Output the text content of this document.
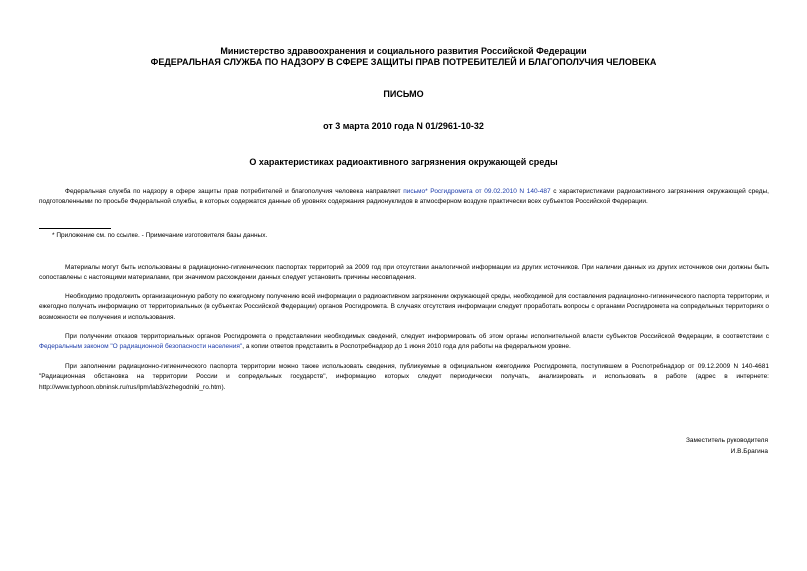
Министерство здравоохранения и социального развития Российской Федерации
ФЕДЕРАЛЬНАЯ СЛУЖБА ПО НАДЗОРУ В СФЕРЕ ЗАЩИТЫ ПРАВ ПОТРЕБИТЕЛЕЙ И БЛАГОПОЛУЧИЯ ЧЕЛОВЕКА
ПИСЬМО
от 3 марта 2010 года N 01/2961-10-32
О характеристиках радиоактивного загрязнения окружающей среды

Федеральная служба по надзору в сфере защиты прав потребителей и благополучия человека направляет письмо* Росгидромета от 09.02.2010 N 140-487 с характеристиками радиоактивного загрязнения окружающей среды, подготовленными по просьбе Федеральной службы, в которых содержатся данные об уровнях содержания радионуклидов в атмосферном воздухе практически всех субъектов Российской Федерации.

* Приложение см. по ссылке. - Примечание изготовителя базы данных.

Материалы могут быть использованы в радиационно-гигиенических паспортах территорий за 2009 год при отсутствии аналогичной информации из других источников. При наличии данных из других источников они должны быть сопоставлены с настоящими материалами, при значимом расхождении данных следует установить причины несовпадения.

Необходимо продолжить организационную работу по ежегодному получению всей информации о радиоактивном загрязнении окружающей среды, необходимой для составления радиационно-гигиенического паспорта территории, и ежегодно получать информацию от территориальных (в субъектах Российской Федерации) органов Росгидромета. В случаях отсутствия информации следует проработать вопросы с органами Росгидромета на сопредельных территориях о возможности ее получения и использования.

При получении отказов территориальных органов Росгидромета о представлении необходимых сведений, следует информировать об этом органы исполнительной власти субъектов Российской Федерации, в соответствии с Федеральным законом "О радиационной безопасности населения", а копии ответов представить в Роспотребнадзор до 1 июня 2010 года для работы на федеральном уровне.

При заполнении радиационно-гигиенического паспорта территории можно также использовать сведения, публикуемые в официальном ежегоднике Росгидромета, поступившем в Роспотребнадзор от 09.12.2009 N 140-4681 "Радиационная обстановка на территории России и сопредельных государств", информацию которых следует периодически получать, анализировать и использовать в работе (адрес в интернете: http://www.typhoon.obninsk.ru/rus/lpm/lab3/ezhegodniki_ro.htm).

Заместитель руководителя
И.В.Брагина
